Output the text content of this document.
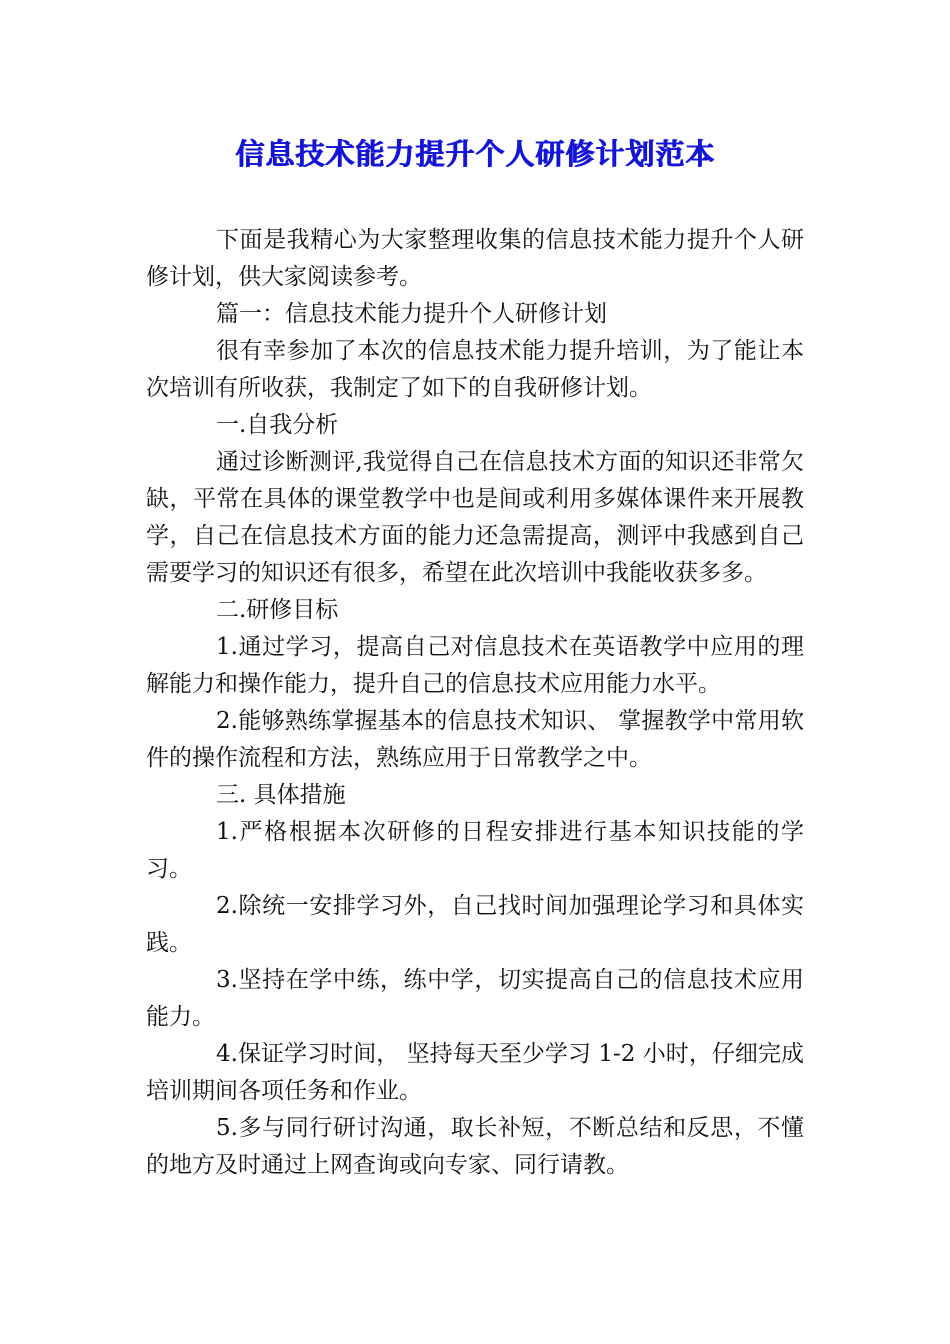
信息技术能力提升个人研修计划范本

下面是我精心为大家整理收集的信息技术能力提升个人研修计划，供大家阅读参考。

篇一：信息技术能力提升个人研修计划

很有幸参加了本次的信息技术能力提升培训，为了能让本次培训有所收获，我制定了如下的自我研修计划。

一.自我分析

通过诊断测评,我觉得自己在信息技术方面的知识还非常欠缺，平常在具体的课堂教学中也是间或利用多媒体课件来开展教学，自己在信息技术方面的能力还急需提高，测评中我感到自己需要学习的知识还有很多，希望在此次培训中我能收获多多。

二.研修目标

1.通过学习，提高自己对信息技术在英语教学中应用的理解能力和操作能力，提升自己的信息技术应用能力水平。

2.能够熟练掌握基本的信息技术知识、 掌握教学中常用软件的操作流程和方法，熟练应用于日常教学之中。

三. 具体措施

1.严格根据本次研修的日程安排进行基本知识技能的学习。

2.除统一安排学习外，自己找时间加强理论学习和具体实践。

3.坚持在学中练，练中学，切实提高自己的信息技术应用能力。

4.保证学习时间， 坚持每天至少学习 1-2 小时，仔细完成培训期间各项任务和作业。

5.多与同行研讨沟通，取长补短，不断总结和反思，不懂的地方及时通过上网查询或向专家、同行请教。
